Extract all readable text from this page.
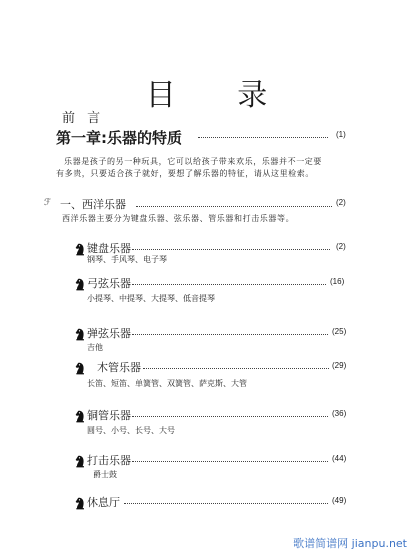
目 录
前 言
第一章:乐器的特质	(1)
乐器是孩子的另一种玩具，它可以给孩子带来欢乐，乐器并不一定要
有多贵，只要适合孩子就好，要想了解乐器的特征，请从这里检索。
ℱ 一、西洋乐器	(2)
西洋乐器主要分为键盘乐器、弦乐器、管乐器和打击乐器等。
键盘乐器	(2)
钢琴、手风琴、电子琴
弓弦乐器	(16)
小提琴、中提琴、大提琴、低音提琴
弹弦乐器	(25)
吉他
木管乐器	(29)
长笛、短笛、单簧管、双簧管、萨克斯、大管
铜管乐器	(36)
圆号、小号、长号、大号
打击乐器	(44)
爵士鼓
休息厅	(49)
歌谱简谱网 jianpu.net
